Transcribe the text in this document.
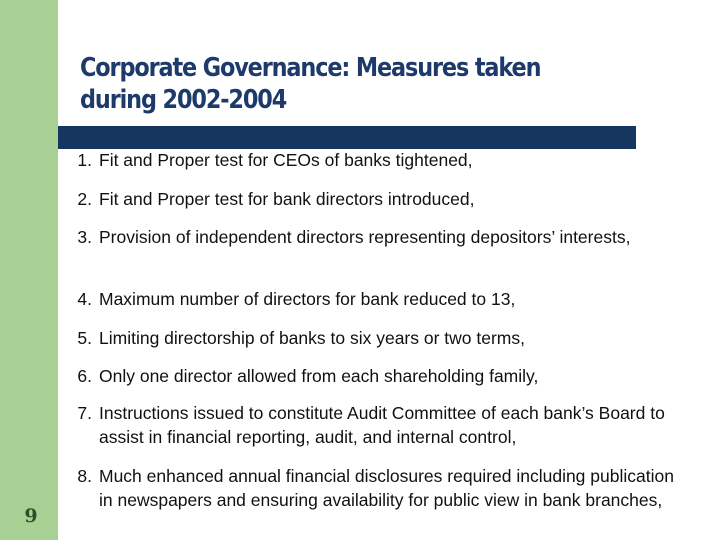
Corporate Governance: Measures taken during 2002-2004
1. Fit and Proper test for CEOs of banks tightened,
2. Fit and Proper test for bank directors introduced,
3. Provision of independent directors representing depositors’ interests,
4. Maximum number of directors for bank reduced to 13,
5. Limiting directorship of banks to six years or two terms,
6. Only one director allowed from each shareholding family,
7. Instructions issued to constitute Audit Committee of each bank’s Board to assist in financial reporting, audit, and internal control,
8. Much enhanced annual financial disclosures required including publication in newspapers and ensuring availability for public view in bank branches,
9
